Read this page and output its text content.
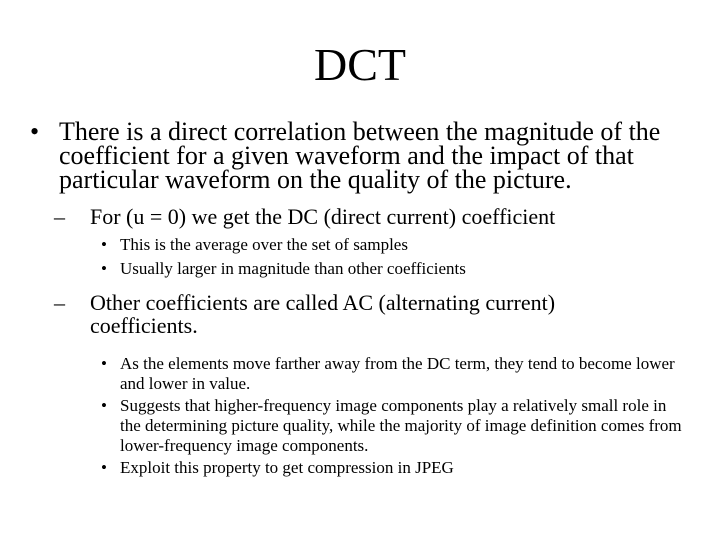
DCT
• There is a direct correlation between the magnitude of the coefficient for a given waveform and the impact of that particular waveform on the quality of the picture.
– For (u = 0) we get the DC (direct current) coefficient
• This is the average over the set of samples
• Usually larger in magnitude than other coefficients
– Other coefficients are called AC (alternating current) coefficients.
• As the elements move farther away from the DC term, they tend to become lower and lower in value.
• Suggests that higher-frequency image components play a relatively small role in the determining picture quality, while the majority of image definition comes from lower-frequency image components.
• Exploit this property to get compression in JPEG
